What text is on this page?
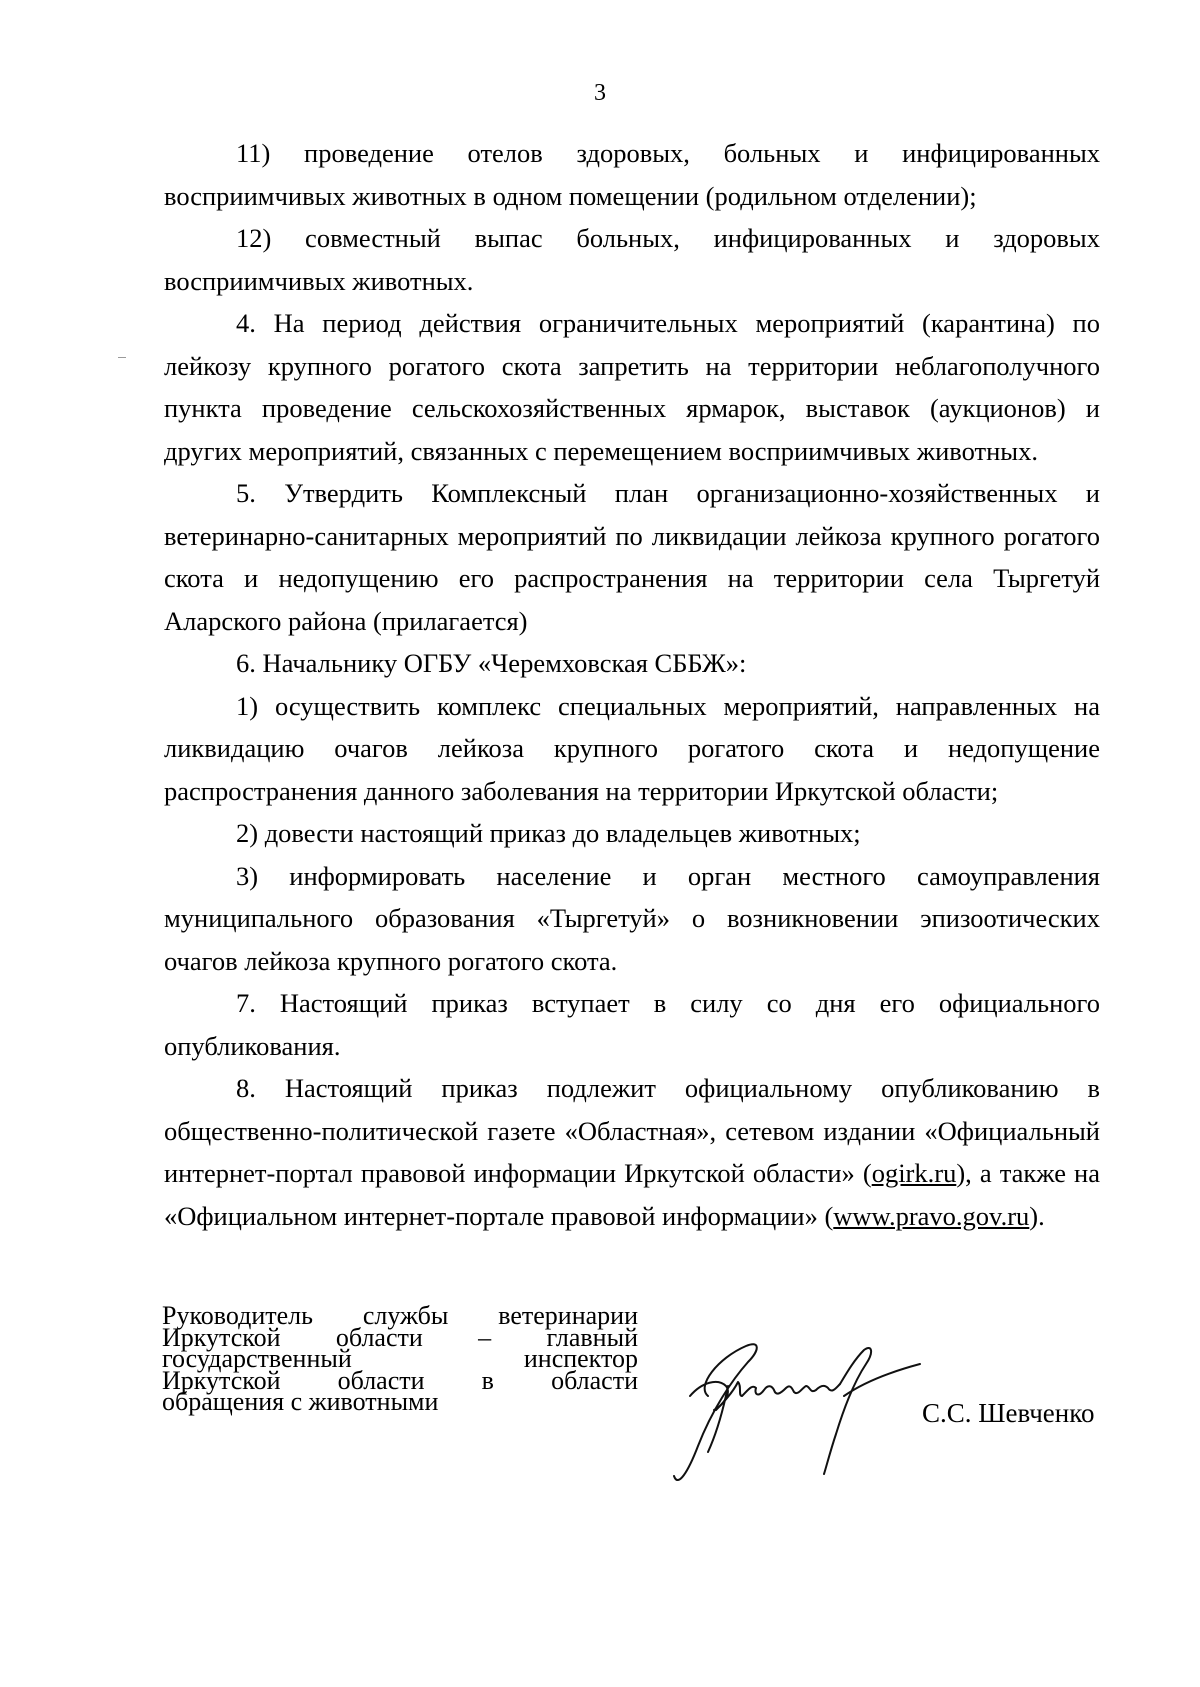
3

11) проведение отелов здоровых, больных и инфицированных восприимчивых животных в одном помещении (родильном отделении);

12) совместный выпас больных, инфицированных и здоровых восприимчивых животных.

4. На период действия ограничительных мероприятий (карантина) по лейкозу крупного рогатого скота запретить на территории неблагополучного пункта проведение сельскохозяйственных ярмарок, выставок (аукционов) и других мероприятий, связанных с перемещением восприимчивых животных.

5. Утвердить Комплексный план организационно-хозяйственных и ветеринарно-санитарных мероприятий по ликвидации лейкоза крупного рогатого скота и недопущению его распространения на территории села Тыргетуй Аларского района (прилагается)

6. Начальнику ОГБУ «Черемховская СББЖ»:

1) осуществить комплекс специальных мероприятий, направленных на ликвидацию очагов лейкоза крупного рогатого скота и недопущение распространения данного заболевания на территории Иркутской области;

2) довести настоящий приказ до владельцев животных;

3) информировать население и орган местного самоуправления муниципального образования «Тыргетуй» о возникновении эпизоотических очагов лейкоза крупного рогатого скота.

7. Настоящий приказ вступает в силу со дня его официального опубликования.

8. Настоящий приказ подлежит официальному опубликованию в общественно-политической газете «Областная», сетевом издании «Официальный интернет-портал правовой информации Иркутской области» (ogirk.ru), а также на «Официальном интернет-портале правовой информации» (www.pravo.gov.ru).

Руководитель службы ветеринарии
Иркутской области – главный
государственный	инспектор
Иркутской области в области
обращения с животными	С.С. Шевченко
